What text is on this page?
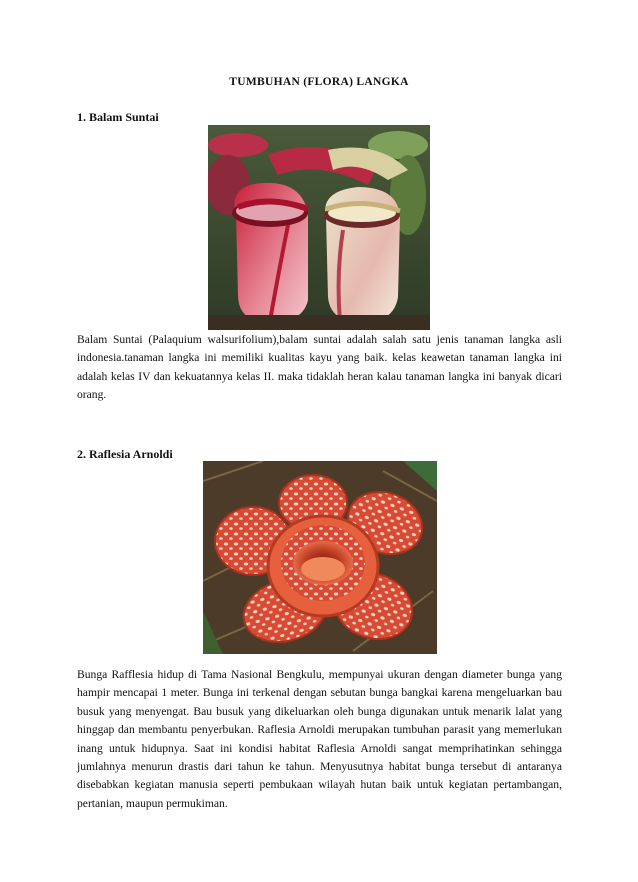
TUMBUHAN (FLORA) LANGKA
1. Balam Suntai
Balam Suntai (Palaquium walsurifolium),balam suntai adalah salah satu jenis tanaman langka asli indonesia.tanaman langka ini memiliki kualitas kayu yang baik. kelas keawetan tanaman langka ini adalah kelas IV dan kekuatannya kelas II. maka tidaklah heran kalau tanaman langka ini banyak dicari orang.
2. Raflesia Arnoldi
Bunga Rafflesia hidup di Tama Nasional Bengkulu, mempunyai ukuran dengan diameter bunga yang hampir mencapai 1 meter. Bunga ini terkenal dengan sebutan bunga bangkai karena mengeluarkan bau busuk yang menyengat. Bau busuk yang dikeluarkan oleh bunga digunakan untuk menarik lalat yang hinggap dan membantu penyerbukan. Raflesia Arnoldi merupakan tumbuhan parasit yang memerlukan inang untuk hidupnya. Saat ini kondisi habitat Raflesia Arnoldi sangat memprihatinkan sehingga jumlahnya menurun drastis dari tahun ke tahun. Menyusutnya habitat bunga tersebut di antaranya disebabkan kegiatan manusia seperti pembukaan wilayah hutan baik untuk kegiatan pertambangan, pertanian, maupun permukiman.
